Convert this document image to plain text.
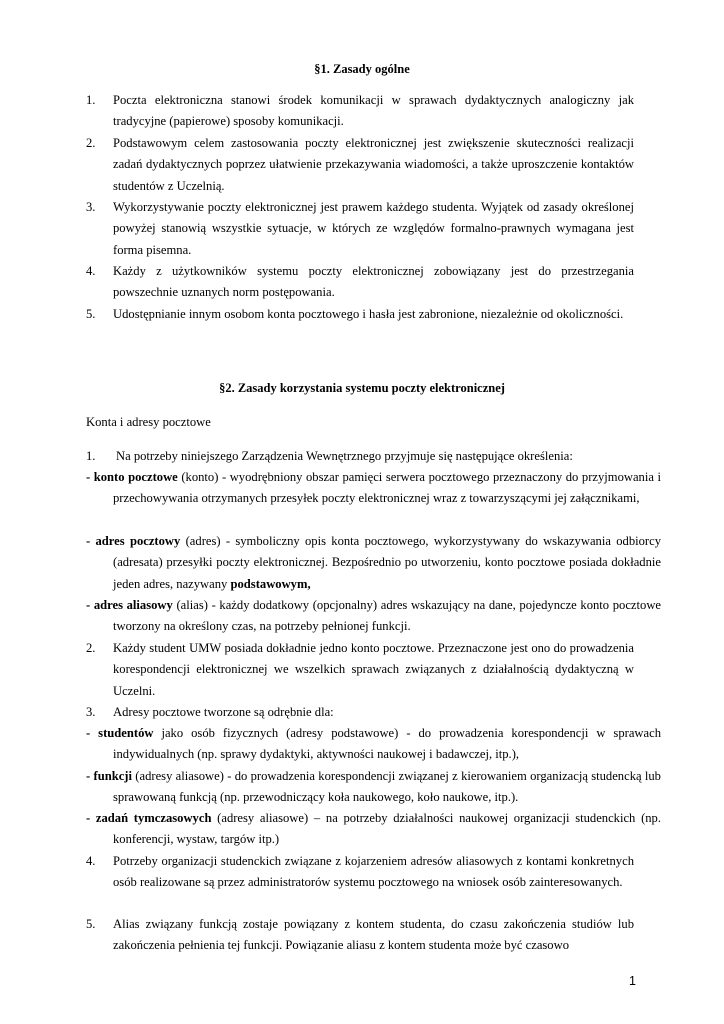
§1. Zasady ogólne
1.	Poczta elektroniczna stanowi środek komunikacji w sprawach dydaktycznych analogiczny jak tradycyjne (papierowe) sposoby komunikacji.
2.	Podstawowym celem zastosowania poczty elektronicznej jest zwiększenie skuteczności realizacji zadań dydaktycznych poprzez ułatwienie przekazywania wiadomości, a także uproszczenie kontaktów studentów z Uczelnią.
3.	Wykorzystywanie poczty elektronicznej jest prawem każdego studenta. Wyjątek od zasady określonej powyżej stanowią wszystkie sytuacje, w których ze względów formalno-prawnych wymagana jest forma pisemna.
4.	Każdy z użytkowników systemu poczty elektronicznej zobowiązany jest do przestrzegania powszechnie uznanych norm postępowania.
5.	Udostępnianie innym osobom konta pocztowego i hasła jest zabronione, niezależnie od okoliczności.
§2. Zasady korzystania systemu poczty elektronicznej
Konta i adresy pocztowe
1.	Na potrzeby niniejszego Zarządzenia Wewnętrznego przyjmuje się następujące określenia:
- konto pocztowe (konto) - wyodrębniony obszar pamięci serwera pocztowego przeznaczony do przyjmowania i przechowywania otrzymanych przesyłek poczty elektronicznej wraz z towarzyszącymi jej załącznikami,
- adres pocztowy (adres) - symboliczny opis konta pocztowego, wykorzystywany do wskazywania odbiorcy (adresata) przesyłki poczty elektronicznej. Bezpośrednio po utworzeniu, konto pocztowe posiada dokładnie jeden adres, nazywany podstawowym,
- adres aliasowy (alias) - każdy dodatkowy (opcjonalny) adres wskazujący na dane, pojedyncze konto pocztowe tworzony na określony czas, na potrzeby pełnionej funkcji.
2.	Każdy student UMW posiada dokładnie jedno konto pocztowe. Przeznaczone jest ono do prowadzenia korespondencji elektronicznej we wszelkich sprawach związanych z działalnością dydaktyczną w Uczelni.
3.	Adresy pocztowe tworzone są odrębnie dla:
- studentów jako osób fizycznych (adresy podstawowe) - do prowadzenia korespondencji w sprawach indywidualnych (np. sprawy dydaktyki, aktywności naukowej i badawczej, itp.),
- funkcji (adresy aliasowe) - do prowadzenia korespondencji związanej z kierowaniem organizacją studencką lub sprawowaną funkcją (np. przewodniczący koła naukowego, koło naukowe, itp.).
- zadań tymczasowych (adresy aliasowe) – na potrzeby działalności naukowej organizacji studenckich (np. konferencji, wystaw, targów itp.)
4.	Potrzeby organizacji studenckich związane z kojarzeniem adresów aliasowych z kontami konkretnych osób realizowane są przez administratorów systemu pocztowego na wniosek osób zainteresowanych.
5.	Alias związany funkcją zostaje powiązany z kontem studenta, do czasu zakończenia studiów lub zakończenia pełnienia tej funkcji. Powiązanie aliasu z kontem studenta może być czasowo
1
